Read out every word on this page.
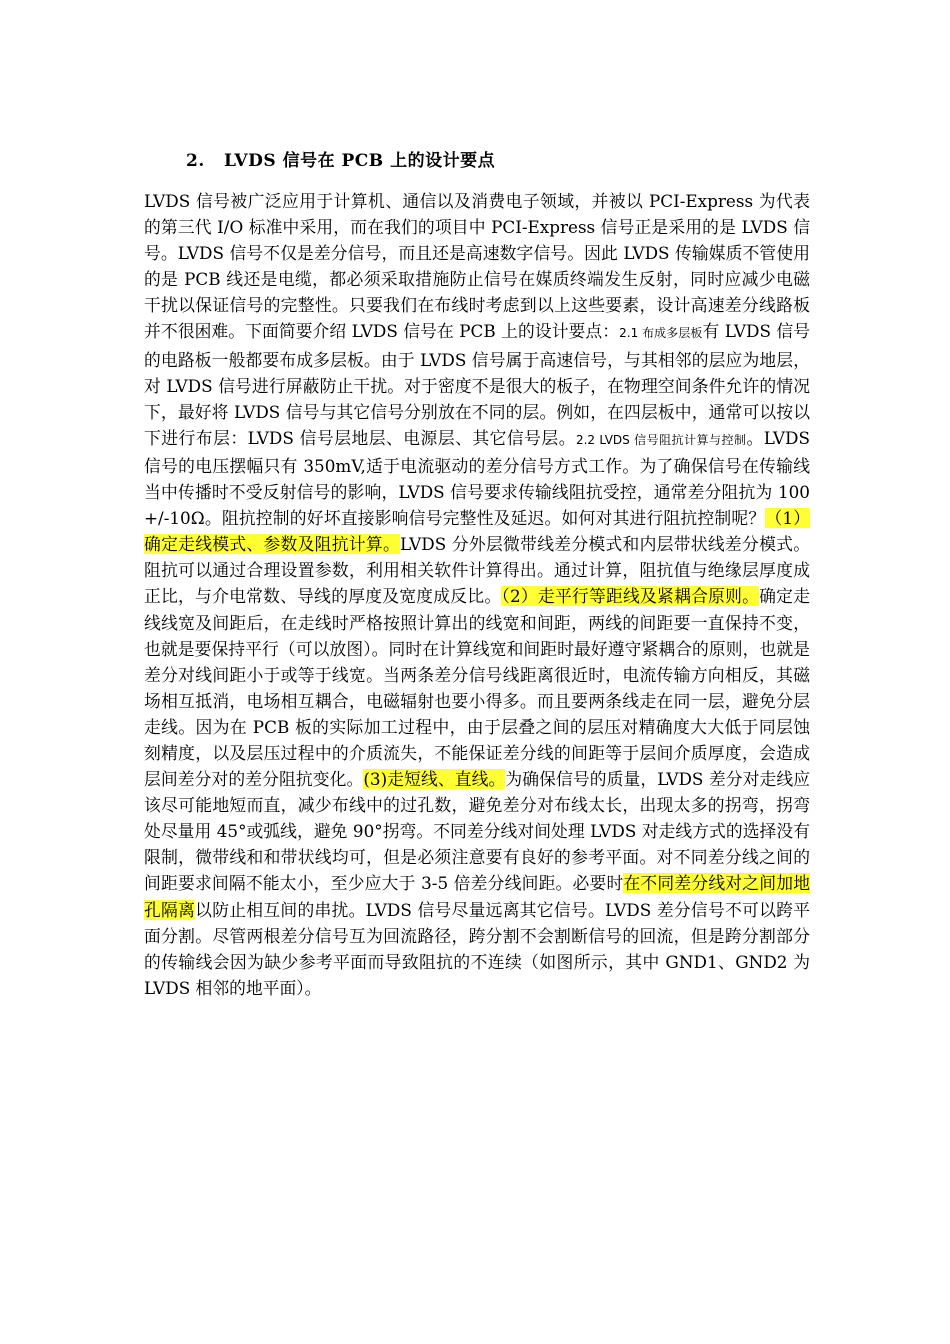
2. LVDS 信号在 PCB 上的设计要点
LVDS 信号被广泛应用于计算机、通信以及消费电子领域，并被以 PCI-Express 为代表的第三代 I/O 标准中采用，而在我们的项目中 PCI-Express 信号正是采用的是 LVDS 信号。LVDS 信号不仅是差分信号，而且还是高速数字信号。因此 LVDS 传输媒质不管使用的是 PCB 线还是电缆，都必须采取措施防止信号在媒质终端发生反射，同时应减少电磁干扰以保证信号的完整性。只要我们在布线时考虑到以上这些要素，设计高速差分线路板并不很困难。下面简要介绍 LVDS 信号在 PCB 上的设计要点：2.1 布成多层板有 LVDS 信号的电路板一般都要布成多层板。由于 LVDS 信号属于高速信号，与其相邻的层应为地层，对 LVDS 信号进行屏蔽防止干扰。对于密度不是很大的板子，在物理空间条件允许的情况下，最好将 LVDS 信号与其它信号分别放在不同的层。例如，在四层板中，通常可以按以下进行布层：LVDS 信号层地层、电源层、其它信号层。2.2 LVDS 信号阻抗计算与控制。LVDS 信号的电压摆幅只有 350mV,适于电流驱动的差分信号方式工作。为了确保信号在传输线当中传播时不受反射信号的影响，LVDS 信号要求传输线阻抗受控，通常差分阻抗为 100+/-10Ω。阻抗控制的好坏直接影响信号完整性及延迟。如何对其进行阻抗控制呢？（1）确定走线模式、参数及阻抗计算。LVDS 分外层微带线差分模式和内层带状线差分模式。阻抗可以通过合理设置参数，利用相关软件计算得出。通过计算，阻抗值与绝缘层厚度成正比，与介电常数、导线的厚度及宽度成反比。（2）走平行等距线及紧耦合原则。确定走线线宽及间距后，在走线时严格按照计算出的线宽和间距，两线的间距要一直保持不变，也就是要保持平行（可以放图）。同时在计算线宽和间距时最好遵守紧耦合的原则，也就是差分对线间距小于或等于线宽。当两条差分信号线距离很近时，电流传输方向相反，其磁场相互抵消，电场相互耦合，电磁辐射也要小得多。而且要两条线走在同一层，避免分层走线。因为在 PCB 板的实际加工过程中，由于层叠之间的层压对精确度大大低于同层蚀刻精度，以及层压过程中的介质流失，不能保证差分线的间距等于层间介质厚度，会造成层间差分对的差分阻抗变化。(3)走短线、直线。为确保信号的质量，LVDS 差分对走线应该尽可能地短而直，减少布线中的过孔数，避免差分对布线太长，出现太多的拐弯，拐弯处尽量用 45°或弧线，避免 90°拐弯。不同差分线对间处理 LVDS 对走线方式的选择没有限制，微带线和和带状线均可，但是必须注意要有良好的参考平面。对不同差分线之间的间距要求间隔不能太小，至少应大于 3-5 倍差分线间距。必要时在不同差分线对之间加地孔隔离以防止相互间的串扰。LVDS 信号尽量远离其它信号。LVDS 差分信号不可以跨平面分割。尽管两根差分信号互为回流路径，跨分割不会割断信号的回流，但是跨分割部分的传输线会因为缺少参考平面而导致阻抗的不连续（如图所示，其中 GND1、GND2 为 LVDS 相邻的地平面）。
